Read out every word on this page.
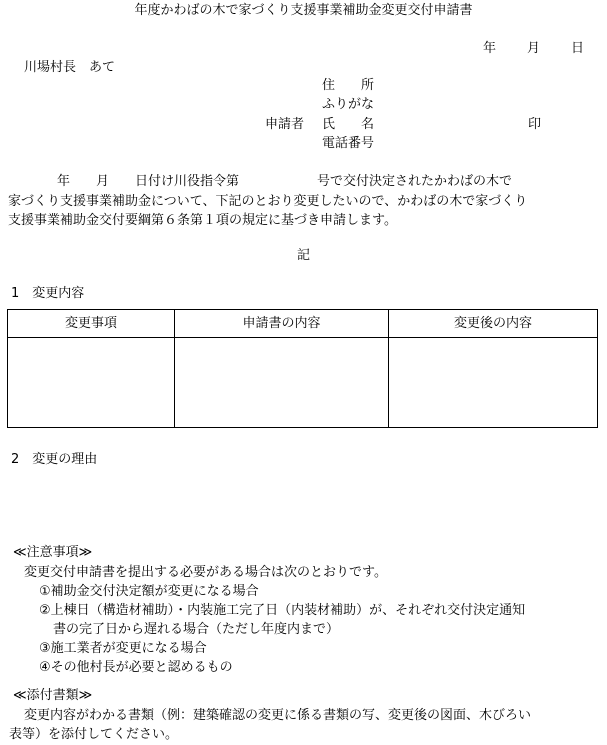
年度かわばの木で家づくり支援事業補助金変更交付申請書
年 月 日
川場村長　あて
住　　所
ふりがな
申請者 氏　　名	印
電話番号
年　　月　　日付け川役指令第　　　　　　号で交付決定されたかわばの木で
家づくり支援事業補助金について、下記のとおり変更したいので、かわばの木で家づくり
支援事業補助金交付要綱第６条第１項の規定に基づき申請します。
記
1　変更内容
変更事項	申請書の内容	変更後の内容

2　変更の理由
≪注意事項≫
変更交付申請書を提出する必要がある場合は次のとおりです。
①補助金交付決定額が変更になる場合
②上棟日（構造材補助）・内装施工完了日（内装材補助）が、それぞれ交付決定通知
書の完了日から遅れる場合（ただし年度内まで）
③施工業者が変更になる場合
④その他村長が必要と認めるもの
≪添付書類≫
変更内容がわかる書類（例：建築確認の変更に係る書類の写、変更後の図面、木びろい
表等）を添付してください。
